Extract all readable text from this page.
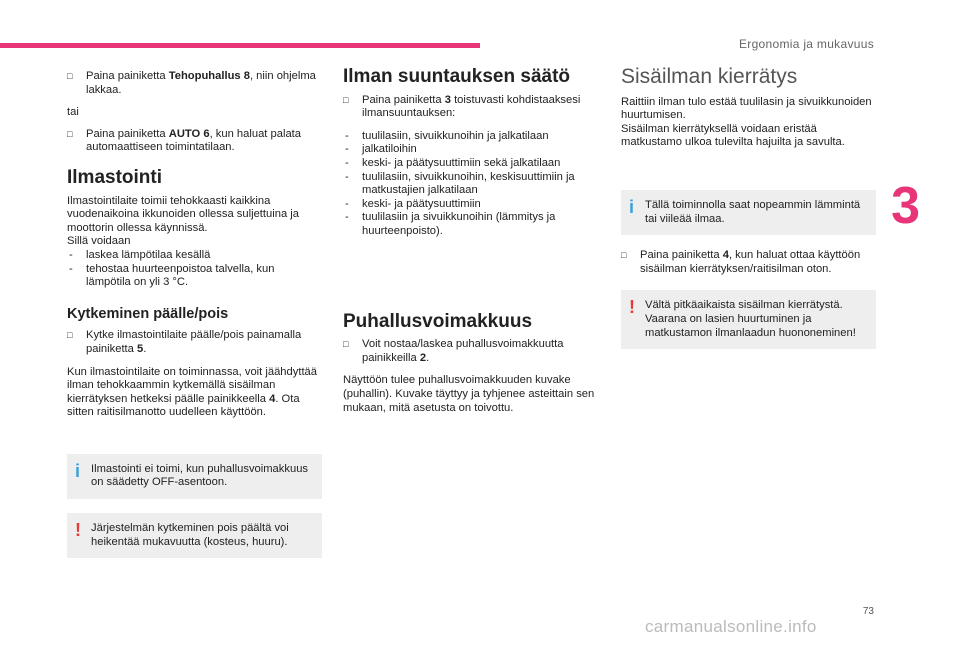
Ergonomia ja mukavuus
3
□ Paina painiketta Tehopuhallus 8, niin ohjelma lakkaa.

tai

□ Paina painiketta AUTO 6, kun haluat palata automaattiseen toimintatilaan.
Ilmastointi

Ilmastointilaite toimii tehokkaasti kaikkina vuodenaikoina ikkunoiden ollessa suljettuina ja moottorin ollessa käynnissä.

Sillä voidaan

- laskea lämpötilaa kesällä
- tehostaa huurteenpoistoa talvella, kun lämpötila on yli 3 °C.
Kytkeminen päälle/pois
□ Kytke ilmastointilaite päälle/pois painamalla painiketta 5.

Kun ilmastointilaite on toiminnassa, voit jäähdyttää ilman tehokkaammin kytkemällä sisäilman kierrätyksen hetkeksi päälle painikkeella 4. Ota sitten raitisilmanotto uudelleen käyttöön.

i Ilmastointi ei toimi, kun puhallusvoimakkuus on säädetty OFF-asentoon.
! Järjestelmän kytkeminen pois päältä voi heikentää mukavuutta (kosteus, huuru).
Ilman suuntauksen säätö
□ Paina painiketta 3 toistuvasti kohdistaaksesi ilmansuuntauksen:
- tuulilasiin, sivuikkunoihin ja jalkatilaan
- jalkatiloihin
- keski- ja päätysuuttimiin sekä jalkatilaan
- tuulilasiin, sivuikkunoihin, keskisuuttimiin ja matkustajien jalkatilaan
- keski- ja päätysuuttimiin
- tuulilasiin ja sivuikkunoihin (lämmitys ja huurteenpoisto).
Puhallusvoimakkuus
□ Voit nostaa/laskea puhallusvoimakkuutta painikkeilla 2.

Näyttöön tulee puhallusvoimakkuuden kuvake (puhallin). Kuvake täyttyy ja tyhjenee asteittain sen mukaan, mitä asetusta on toivottu.

Sisäilman kierrätys

Raittiin ilman tulo estää tuulilasin ja sivuikkunoiden huurtumisen.

Sisäilman kierrätyksellä voidaan eristää matkustamo ulkoa tulevilta hajuilta ja savulta.

i Tällä toiminnolla saat nopeammin lämmintä tai viileää ilmaa.
□ Paina painiketta 4, kun haluat ottaa käyttöön sisäilman kierrätyksen/raitisilman oton.
! Vältä pitkäaikaista sisäilman kierrätystä. Vaarana on lasien huurtuminen ja matkustamon ilmanlaadun huononeminen!
73
carmanualsonline.info
